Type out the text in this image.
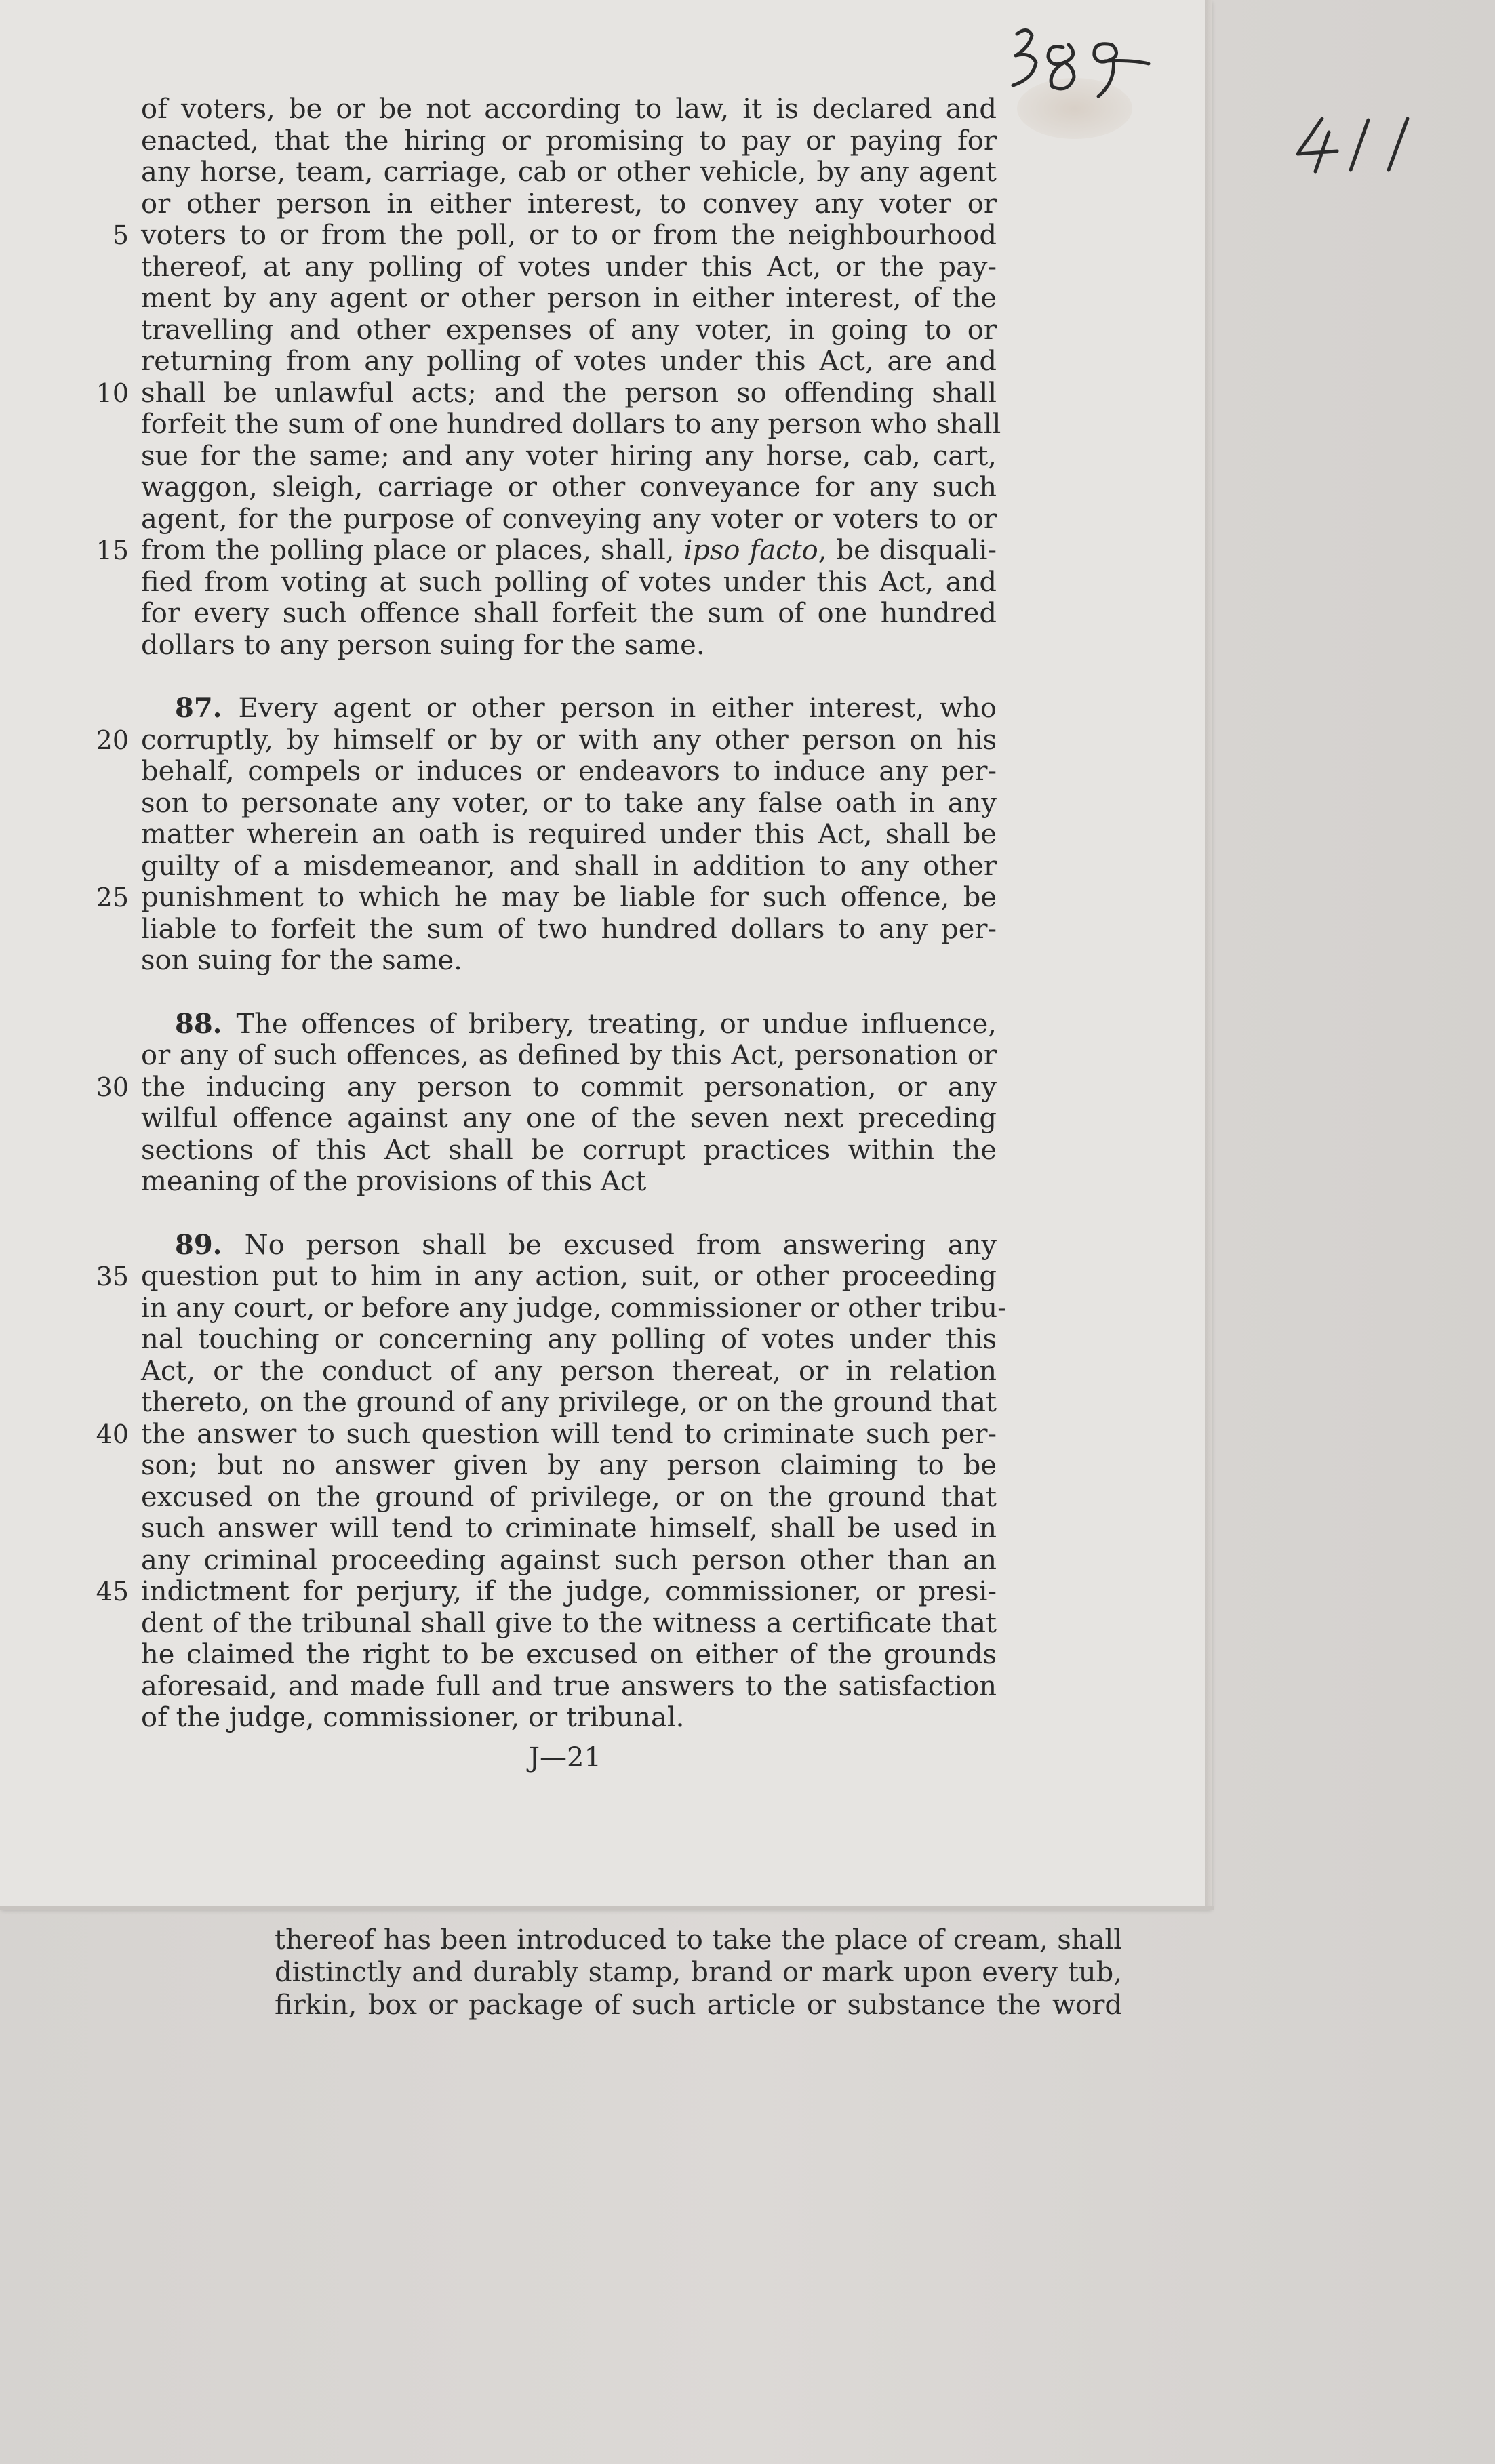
of voters, be or be not according to law, it is declared and
enacted, that the hiring or promising to pay or paying for
any horse, team, carriage, cab or other vehicle, by any agent
or other person in either interest, to convey any voter or
5 voters to or from the poll, or to or from the neighbourhood
thereof, at any polling of votes under this Act, or the pay-
ment by any agent or other person in either interest, of the
travelling and other expenses of any voter, in going to or
returning from any polling of votes under this Act, are and
10 shall be unlawful acts; and the person so offending shall
forfeit the sum of one hundred dollars to any person who shall
sue for the same; and any voter hiring any horse, cab, cart,
waggon, sleigh, carriage or other conveyance for any such
agent, for the purpose of conveying any voter or voters to or
15 from the polling place or places, shall, ipso facto, be disquali-
fied from voting at such polling of votes under this Act, and
for every such offence shall forfeit the sum of one hundred
dollars to any person suing for the same.
87. Every agent or other person in either interest, who
20 corruptly, by himself or by or with any other person on his
behalf, compels or induces or endeavors to induce any per-
son to personate any voter, or to take any false oath in any
matter wherein an oath is required under this Act, shall be
guilty of a misdemeanor, and shall in addition to any other
25 punishment to which he may be liable for such offence, be
liable to forfeit the sum of two hundred dollars to any per-
son suing for the same.
88. The offences of bribery, treating, or undue influence,
or any of such offences, as defined by this Act, personation or
30 the inducing any person to commit personation, or any
wilful offence against any one of the seven next preceding
sections of this Act shall be corrupt practices within the
meaning of the provisions of this Act
89. No person shall be excused from answering any
35 question put to him in any action, suit, or other proceeding
in any court, or before any judge, commissioner or other tribu-
nal touching or concerning any polling of votes under this
Act, or the conduct of any person thereat, or in relation
thereto, on the ground of any privilege, or on the ground that
40 the answer to such question will tend to criminate such per-
son; but no answer given by any person claiming to be
excused on the ground of privilege, or on the ground that
such answer will tend to criminate himself, shall be used in
any criminal proceeding against such person other than an
45 indictment for perjury, if the judge, commissioner, or presi-
dent of the tribunal shall give to the witness a certificate that
he claimed the right to be excused on either of the grounds
aforesaid, and made full and true answers to the satisfaction
of the judge, commissioner, or tribunal.
J—21
thereof has been introduced to take the place of cream, shall
distinctly and durably stamp, brand or mark upon every tub,
firkin, box or package of such article or substance the word
